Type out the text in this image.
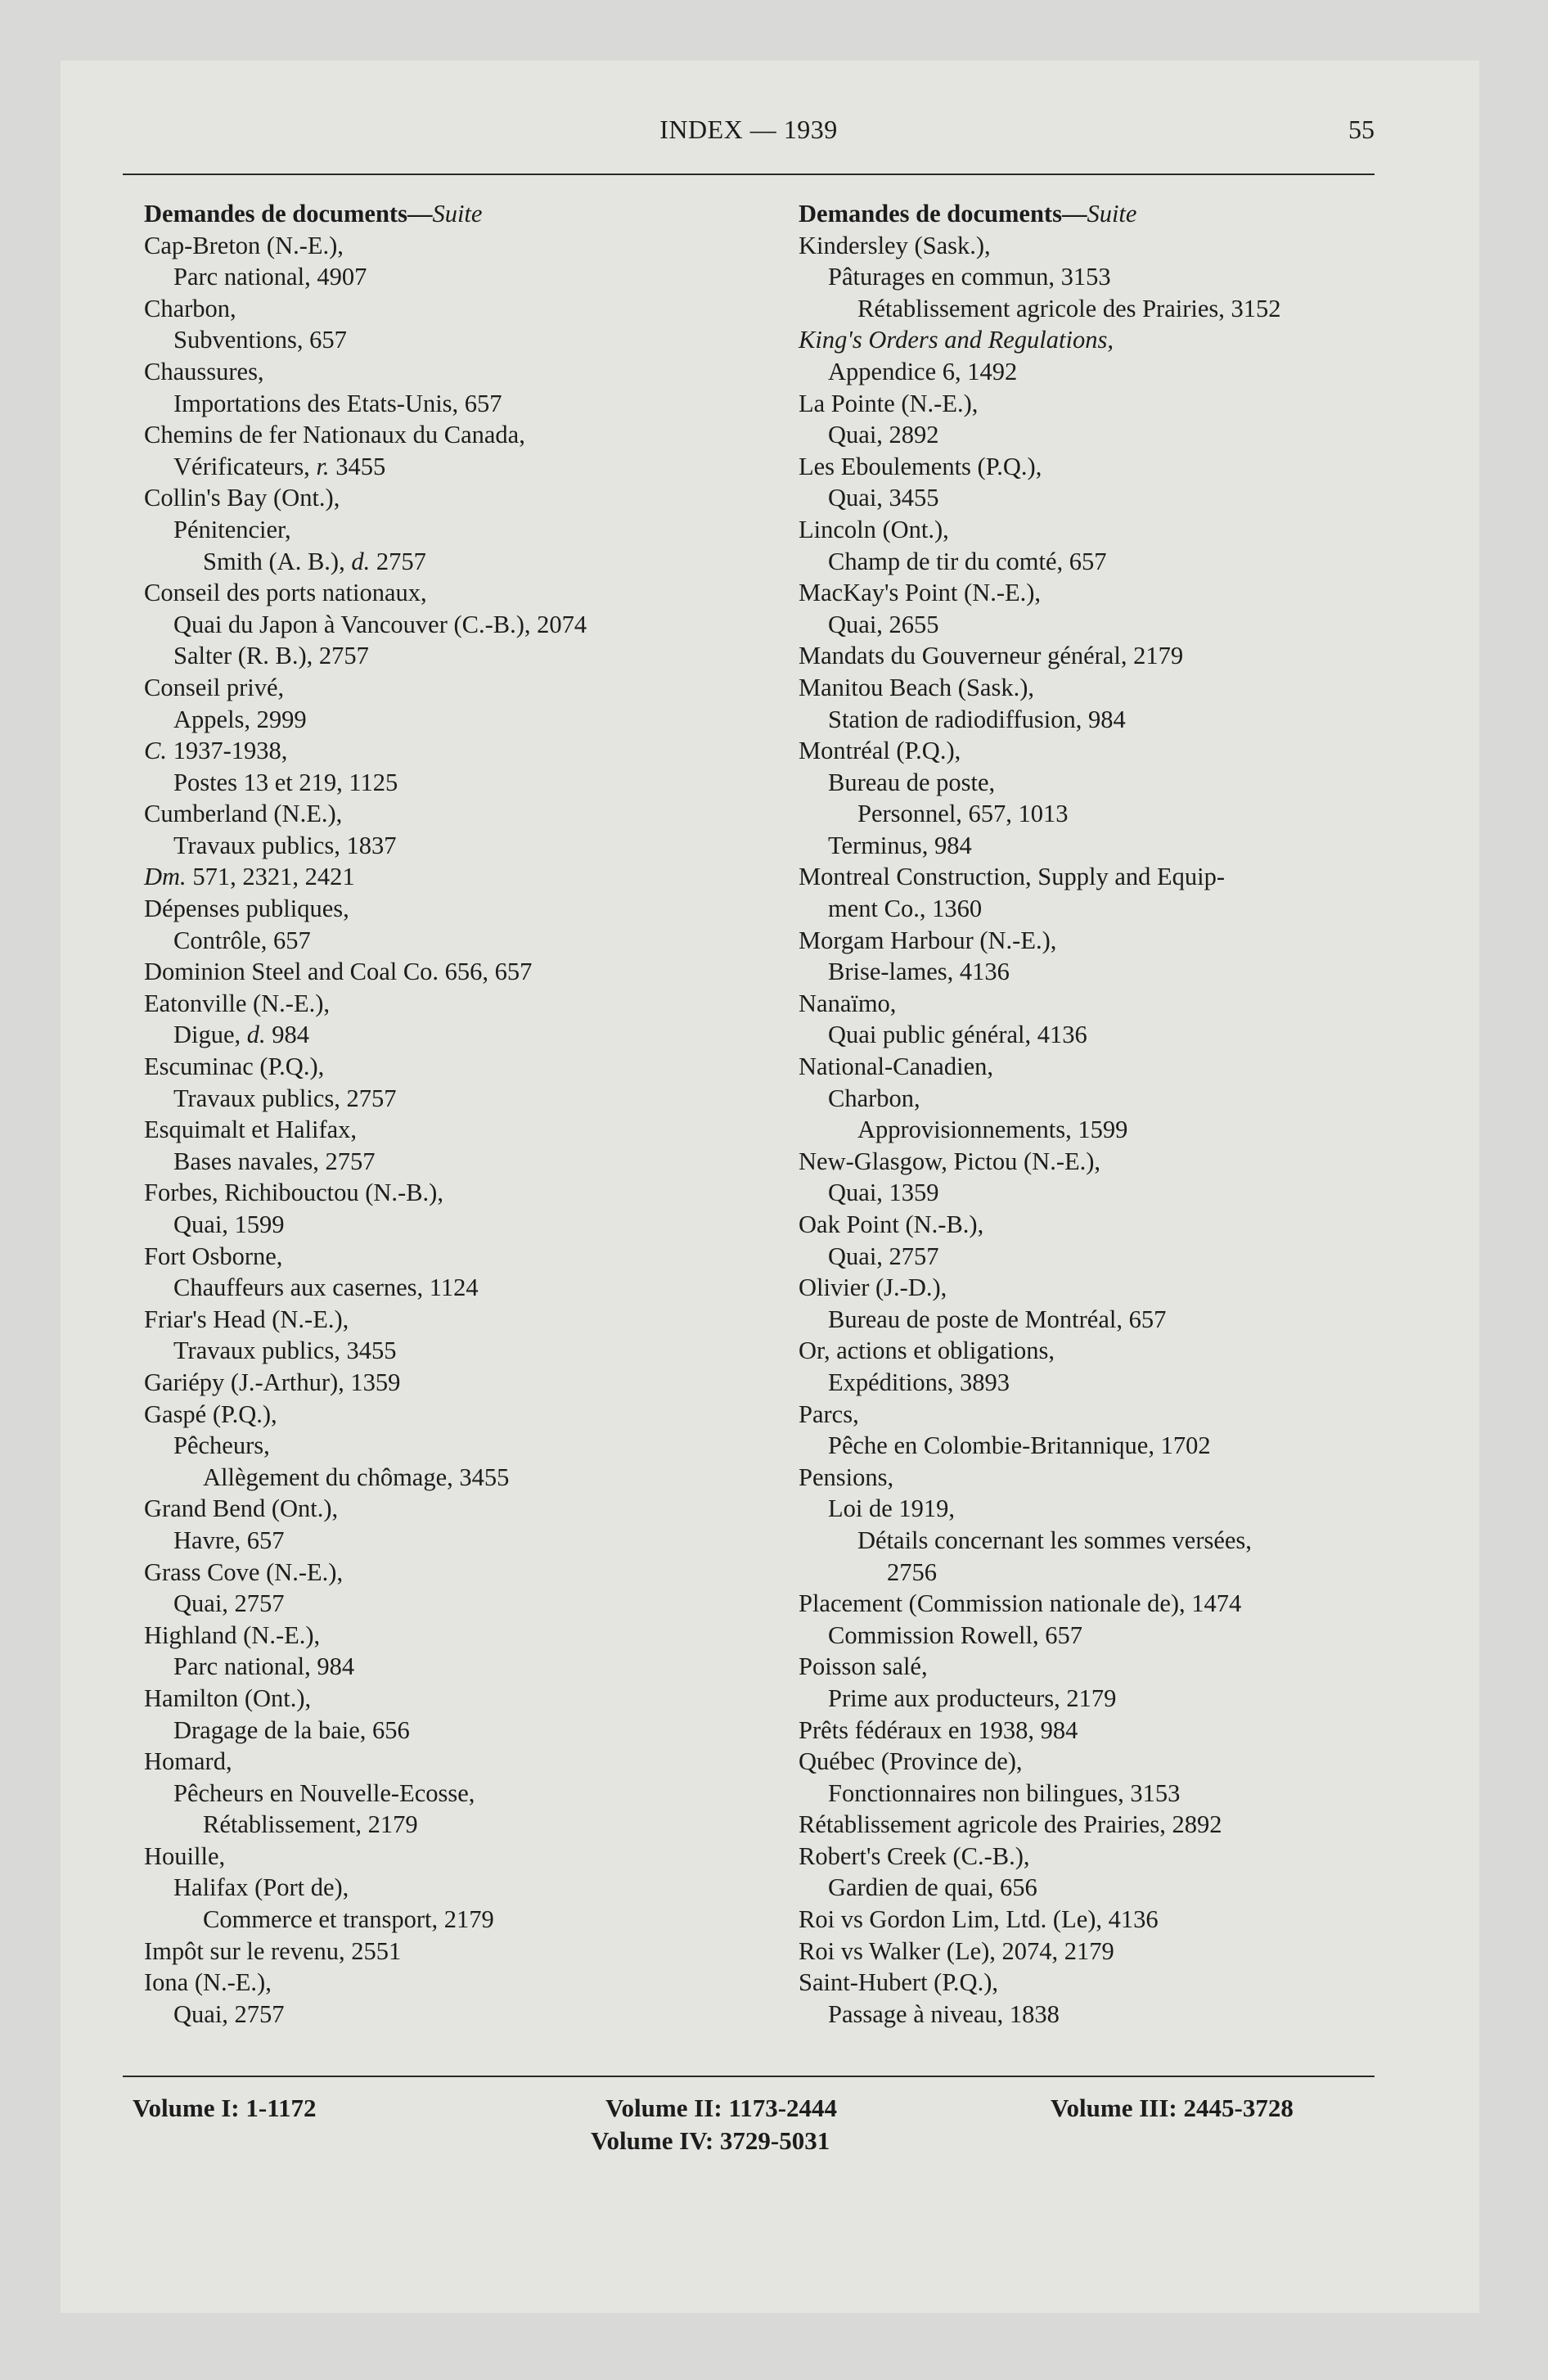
INDEX — 1939	55
Demandes de documents—Suite
Cap-Breton (N.-E.),
Parc national, 4907
Charbon,
Subventions, 657
Chaussures,
Importations des Etats-Unis, 657
Chemins de fer Nationaux du Canada,
Vérificateurs, r. 3455
Collin's Bay (Ont.),
Pénitencier,
Smith (A. B.), d. 2757
Conseil des ports nationaux,
Quai du Japon à Vancouver (C.-B.), 2074
Salter (R. B.), 2757
Conseil privé,
Appels, 2999
C. 1937-1938,
Postes 13 et 219, 1125
Cumberland (N.E.),
Travaux publics, 1837
Dm. 571, 2321, 2421
Dépenses publiques,
Contrôle, 657
Dominion Steel and Coal Co. 656, 657
Eatonville (N.-E.),
Digue, d. 984
Escuminac (P.Q.),
Travaux publics, 2757
Esquimalt et Halifax,
Bases navales, 2757
Forbes, Richibouctou (N.-B.),
Quai, 1599
Fort Osborne,
Chauffeurs aux casernes, 1124
Friar's Head (N.-E.),
Travaux publics, 3455
Gariépy (J.-Arthur), 1359
Gaspé (P.Q.),
Pêcheurs,
Allègement du chômage, 3455
Grand Bend (Ont.),
Havre, 657
Grass Cove (N.-E.),
Quai, 2757
Highland (N.-E.),
Parc national, 984
Hamilton (Ont.),
Dragage de la baie, 656
Homard,
Pêcheurs en Nouvelle-Ecosse,
Rétablissement, 2179
Houille,
Halifax (Port de),
Commerce et transport, 2179
Impôt sur le revenu, 2551
Iona (N.-E.),
Quai, 2757
Demandes de documents—Suite
Kindersley (Sask.),
Pâturages en commun, 3153
Rétablissement agricole des Prairies, 3152
King's Orders and Regulations,
Appendice 6, 1492
La Pointe (N.-E.),
Quai, 2892
Les Eboulements (P.Q.),
Quai, 3455
Lincoln (Ont.),
Champ de tir du comté, 657
MacKay's Point (N.-E.),
Quai, 2655
Mandats du Gouverneur général, 2179
Manitou Beach (Sask.),
Station de radiodiffusion, 984
Montréal (P.Q.),
Bureau de poste,
Personnel, 657, 1013
Terminus, 984
Montreal Construction, Supply and Equip-
ment Co., 1360
Morgam Harbour (N.-E.),
Brise-lames, 4136
Nanaïmo,
Quai public général, 4136
National-Canadien,
Charbon,
Approvisionnements, 1599
New-Glasgow, Pictou (N.-E.),
Quai, 1359
Oak Point (N.-B.),
Quai, 2757
Olivier (J.-D.),
Bureau de poste de Montréal, 657
Or, actions et obligations,
Expéditions, 3893
Parcs,
Pêche en Colombie-Britannique, 1702
Pensions,
Loi de 1919,
Détails concernant les sommes versées,
2756
Placement (Commission nationale de), 1474
Commission Rowell, 657
Poisson salé,
Prime aux producteurs, 2179
Prêts fédéraux en 1938, 984
Québec (Province de),
Fonctionnaires non bilingues, 3153
Rétablissement agricole des Prairies, 2892
Robert's Creek (C.-B.),
Gardien de quai, 656
Roi vs Gordon Lim, Ltd. (Le), 4136
Roi vs Walker (Le), 2074, 2179
Saint-Hubert (P.Q.),
Passage à niveau, 1838
Volume I: 1-1172	Volume II: 1173-2444	Volume III: 2445-3728
Volume IV: 3729-5031
